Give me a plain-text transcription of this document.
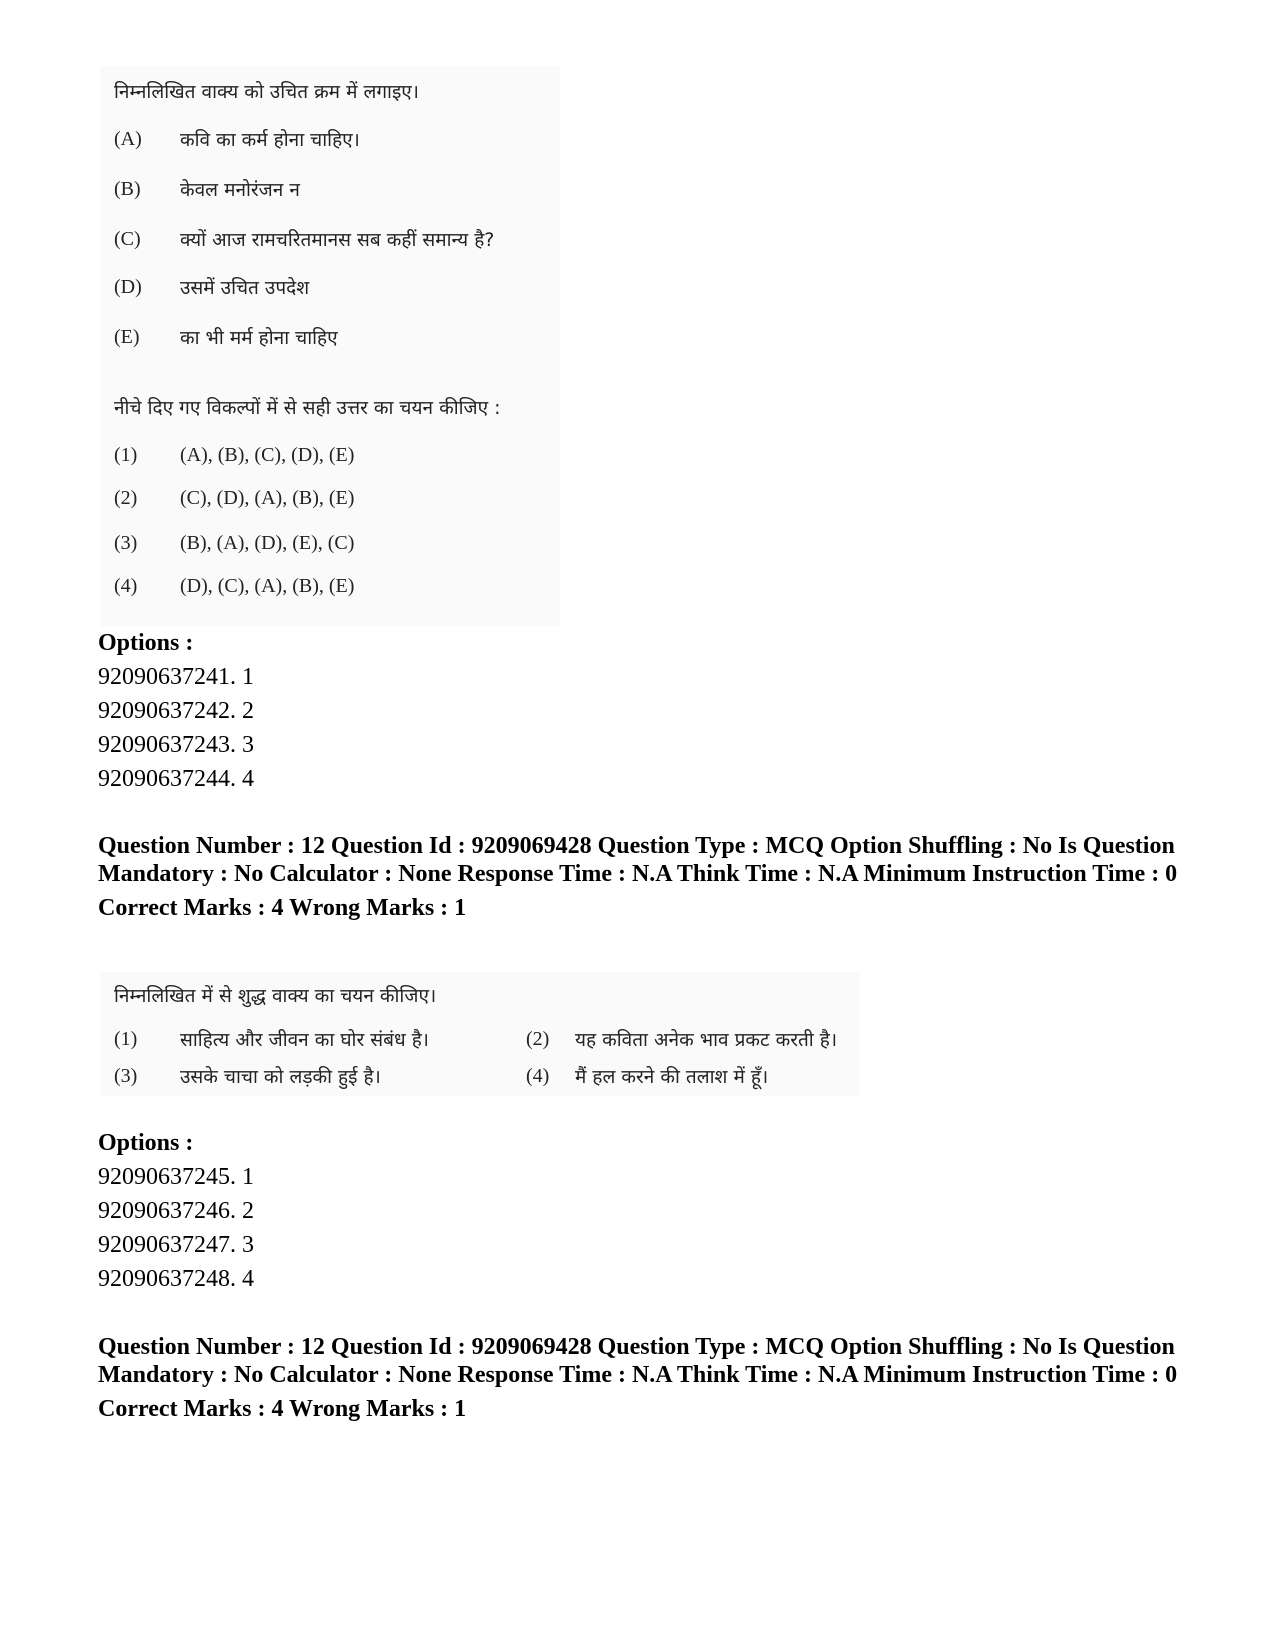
निम्नलिखित वाक्य को उचित क्रम में लगाइए।
(A) कवि का कर्म होना चाहिए।
(B) केवल मनोरंजन न
(C) क्यों आज रामचरितमानस सब कहीं समान्य है?
(D) उसमें उचित उपदेश
(E) का भी मर्म होना चाहिए
नीचे दिए गए विकल्पों में से सही उत्तर का चयन कीजिए :
(1) (A), (B), (C), (D), (E)
(2) (C), (D), (A), (B), (E)
(3) (B), (A), (D), (E), (C)
(4) (D), (C), (A), (B), (E)
Options :
92090637241. 1
92090637242. 2
92090637243. 3
92090637244. 4
Question Number : 12 Question Id : 9209069428 Question Type : MCQ Option Shuffling : No Is Question Mandatory : No Calculator : None Response Time : N.A Think Time : N.A Minimum Instruction Time : 0
Correct Marks : 4 Wrong Marks : 1
निम्नलिखित में से शुद्ध वाक्य का चयन कीजिए।
(1) साहित्य और जीवन का घोर संबंध है।	(2) यह कविता अनेक भाव प्रकट करती है।
(3) उसके चाचा को लड़की हुई है।	(4) मैं हल करने की तलाश में हूँ।
Options :
92090637245. 1
92090637246. 2
92090637247. 3
92090637248. 4
Question Number : 12 Question Id : 9209069428 Question Type : MCQ Option Shuffling : No Is Question Mandatory : No Calculator : None Response Time : N.A Think Time : N.A Minimum Instruction Time : 0
Correct Marks : 4 Wrong Marks : 1
